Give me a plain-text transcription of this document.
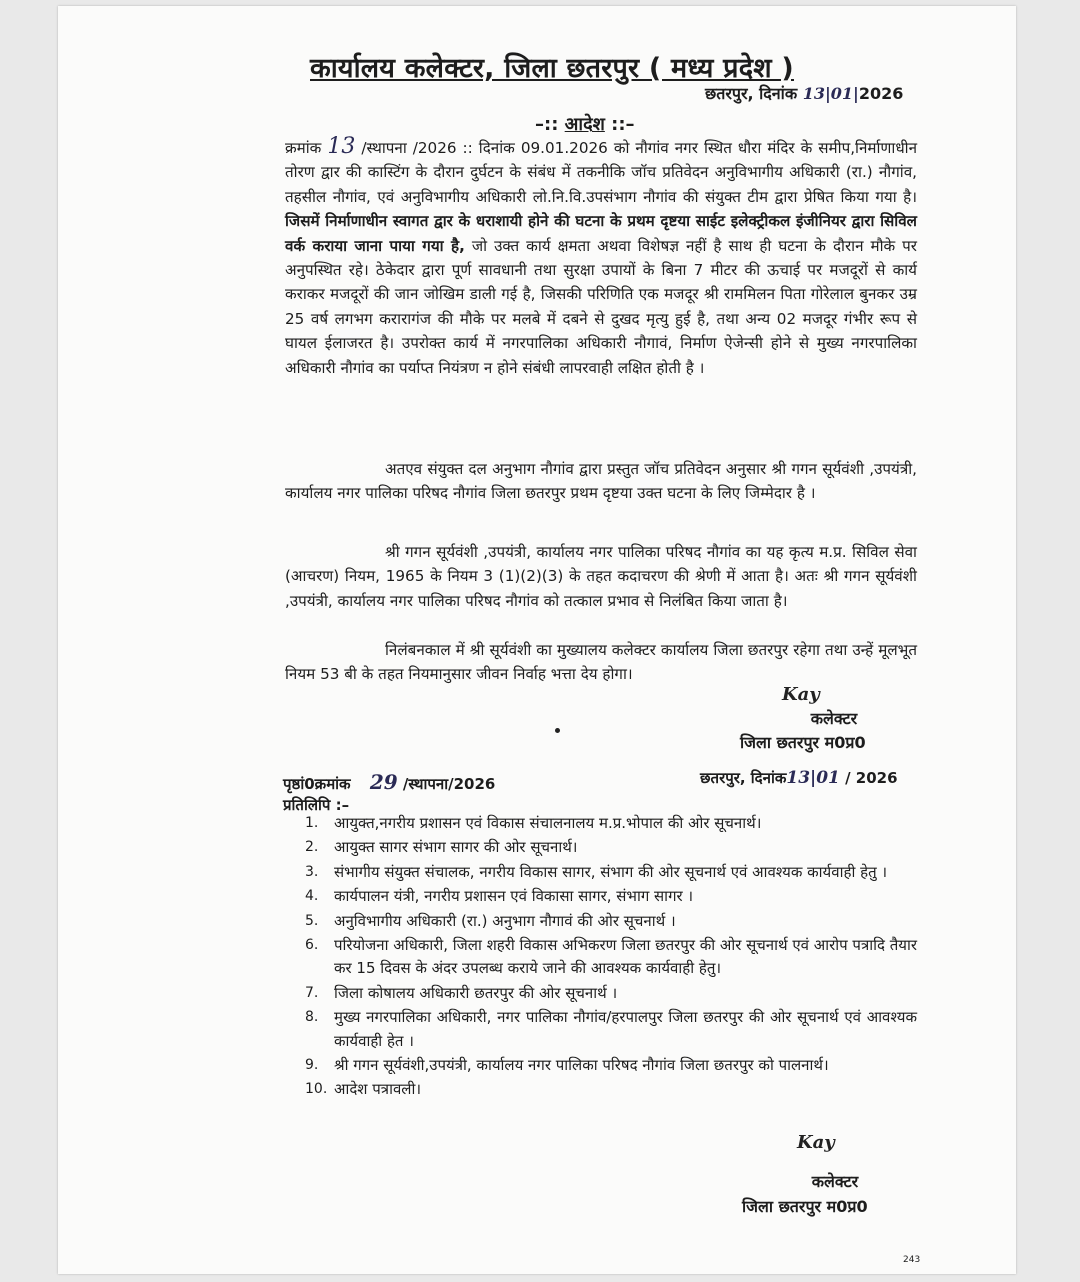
कार्यालय कलेक्टर, जिला छतरपुर ( मध्य प्रदेश )
छतरपुर, दिनांक 13|01|2026
–:: आदेश ::–
क्रमांक 13 /स्थापना /2026 :: दिनांक 09.01.2026 को नौगांव नगर स्थित धौरा मंदिर के समीप,निर्माणाधीन तोरण द्वार की कास्टिंग के दौरान दुर्घटन के संबंध में तकनीकि जॉच प्रतिवेदन अनुविभागीय अधिकारी (रा.) नौगांव, तहसील नौगांव, एवं अनुविभागीय अधिकारी लो.नि.वि.उपसंभाग नौगांव की संयुक्त टीम द्वारा प्रेषित किया गया है। जिसमें निर्माणाधीन स्वागत द्वार के धराशायी होने की घटना के प्रथम दृष्टया साईट इलेक्ट्रीकल इंजीनियर द्वारा सिविल वर्क कराया जाना पाया गया है, जो उक्त कार्य क्षमता अथवा विशेषज्ञ नहीं है साथ ही घटना के दौरान मौके पर अनुपस्थित रहे। ठेकेदार द्वारा पूर्ण सावधानी तथा सुरक्षा उपायों के बिना 7 मीटर की ऊचाई पर मजदूरों से कार्य कराकर मजदूरों की जान जोखिम डाली गई है, जिसकी परिणिति एक मजदूर श्री राममिलन पिता गोरेलाल बुनकर उम्र 25 वर्ष लगभग करारागंज की मौके पर मलबे में दबने से दुखद मृत्यु हुई है, तथा अन्य 02 मजदूर गंभीर रूप से घायल ईलाजरत है। उपरोक्त कार्य में नगरपालिका अधिकारी नौगावं, निर्माण ऐजेन्सी होने से मुख्य नगरपालिका अधिकारी नौगांव का पर्याप्त नियंत्रण न होने संबंधी लापरवाही लक्षित होती है ।
अतएव संयुक्त दल अनुभाग नौगांव द्वारा प्रस्तुत जॉच प्रतिवेदन अनुसार श्री गगन सूर्यवंशी ,उपयंत्री, कार्यालय नगर पालिका परिषद नौगांव जिला छतरपुर प्रथम दृष्टया उक्त घटना के लिए जिम्मेदार है ।
श्री गगन सूर्यवंशी ,उपयंत्री, कार्यालय नगर पालिका परिषद नौगांव का यह कृत्य म.प्र. सिविल सेवा (आचरण) नियम, 1965 के नियम 3 (1)(2)(3) के तहत कदाचरण की श्रेणी में आता है। अतः श्री गगन सूर्यवंशी ,उपयंत्री, कार्यालय नगर पालिका परिषद नौगांव को तत्काल प्रभाव से निलंबित किया जाता है।
निलंबनकाल में श्री सूर्यवंशी का मुख्यालय कलेक्टर कार्यालय जिला छतरपुर रहेगा तथा उन्हें मूलभूत नियम 53 बी के तहत नियमानुसार जीवन निर्वाह भत्ता देय होगा।
Kay
कलेक्टर
जिला छतरपुर म0प्र0
पृष्ठां0क्रमांक 29 /स्थापना/2026	छतरपुर, दिनांक13|01 / 2026
प्रतिलिपि :–
1.	आयुक्त,नगरीय प्रशासन एवं विकास संचालनालय म.प्र.भोपाल की ओर सूचनार्थ।
2.	आयुक्त सागर संभाग सागर की ओर सूचनार्थ।
3.	संभागीय संयुक्त संचालक, नगरीय विकास सागर, संभाग की ओर सूचनार्थ एवं आवश्यक कार्यवाही हेतु ।
4.	कार्यपालन यंत्री, नगरीय प्रशासन एवं विकासा सागर, संभाग सागर ।
5.	अनुविभागीय अधिकारी (रा.) अनुभाग नौगावं की ओर सूचनार्थ ।
6.	परियोजना अधिकारी, जिला शहरी विकास अभिकरण जिला छतरपुर की ओर सूचनार्थ एवं आरोप पत्रादि तैयार कर 15 दिवस के अंदर उपलब्ध कराये जाने की आवश्यक कार्यवाही हेतु।
7.	जिला कोषालय अधिकारी छतरपुर की ओर सूचनार्थ ।
8.	मुख्य नगरपालिका अधिकारी, नगर पालिका नौगांव/हरपालपुर जिला छतरपुर की ओर सूचनार्थ एवं आवश्यक कार्यवाही हेत ।
9.	श्री गगन सूर्यवंशी,उपयंत्री, कार्यालय नगर पालिका परिषद नौगांव जिला छतरपुर को पालनार्थ।
10. आदेश पत्रावली।
Kay
कलेक्टर
जिला छतरपुर म0प्र0
243
